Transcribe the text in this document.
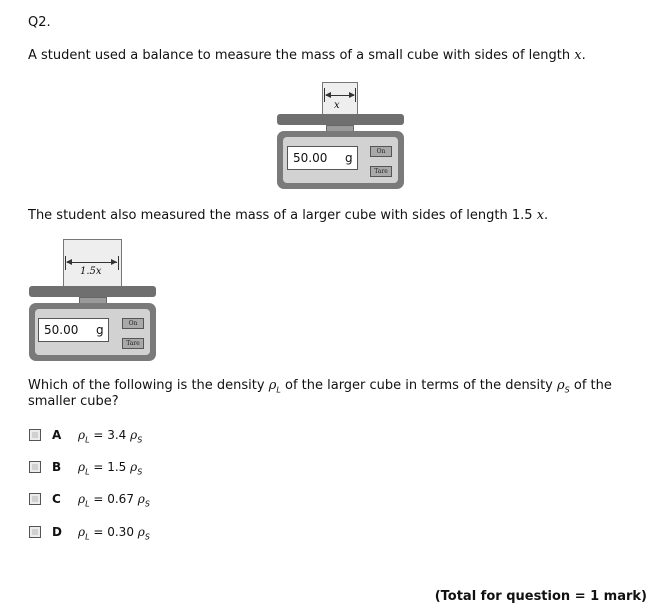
Q2.
A student used a balance to measure the mass of a small cube with sides of length x.
x
50.00 g	On
Tare
The student also measured the mass of a larger cube with sides of length 1.5 x.
1.5x
50.00 g	On
Tare
Which of the following is the density $\rho_L$ of the larger cube in terms of the density $\rho_S$ of the
smaller cube?
A $\rho_L = 3.4$ $\rho_S$
B $\rho_L = 1.5$ $\rho_S$
C $\rho_L = 0.67$ $\rho_S$
D $\rho_L = 0.30$ $\rho_S$
(Total for question = 1 mark)
